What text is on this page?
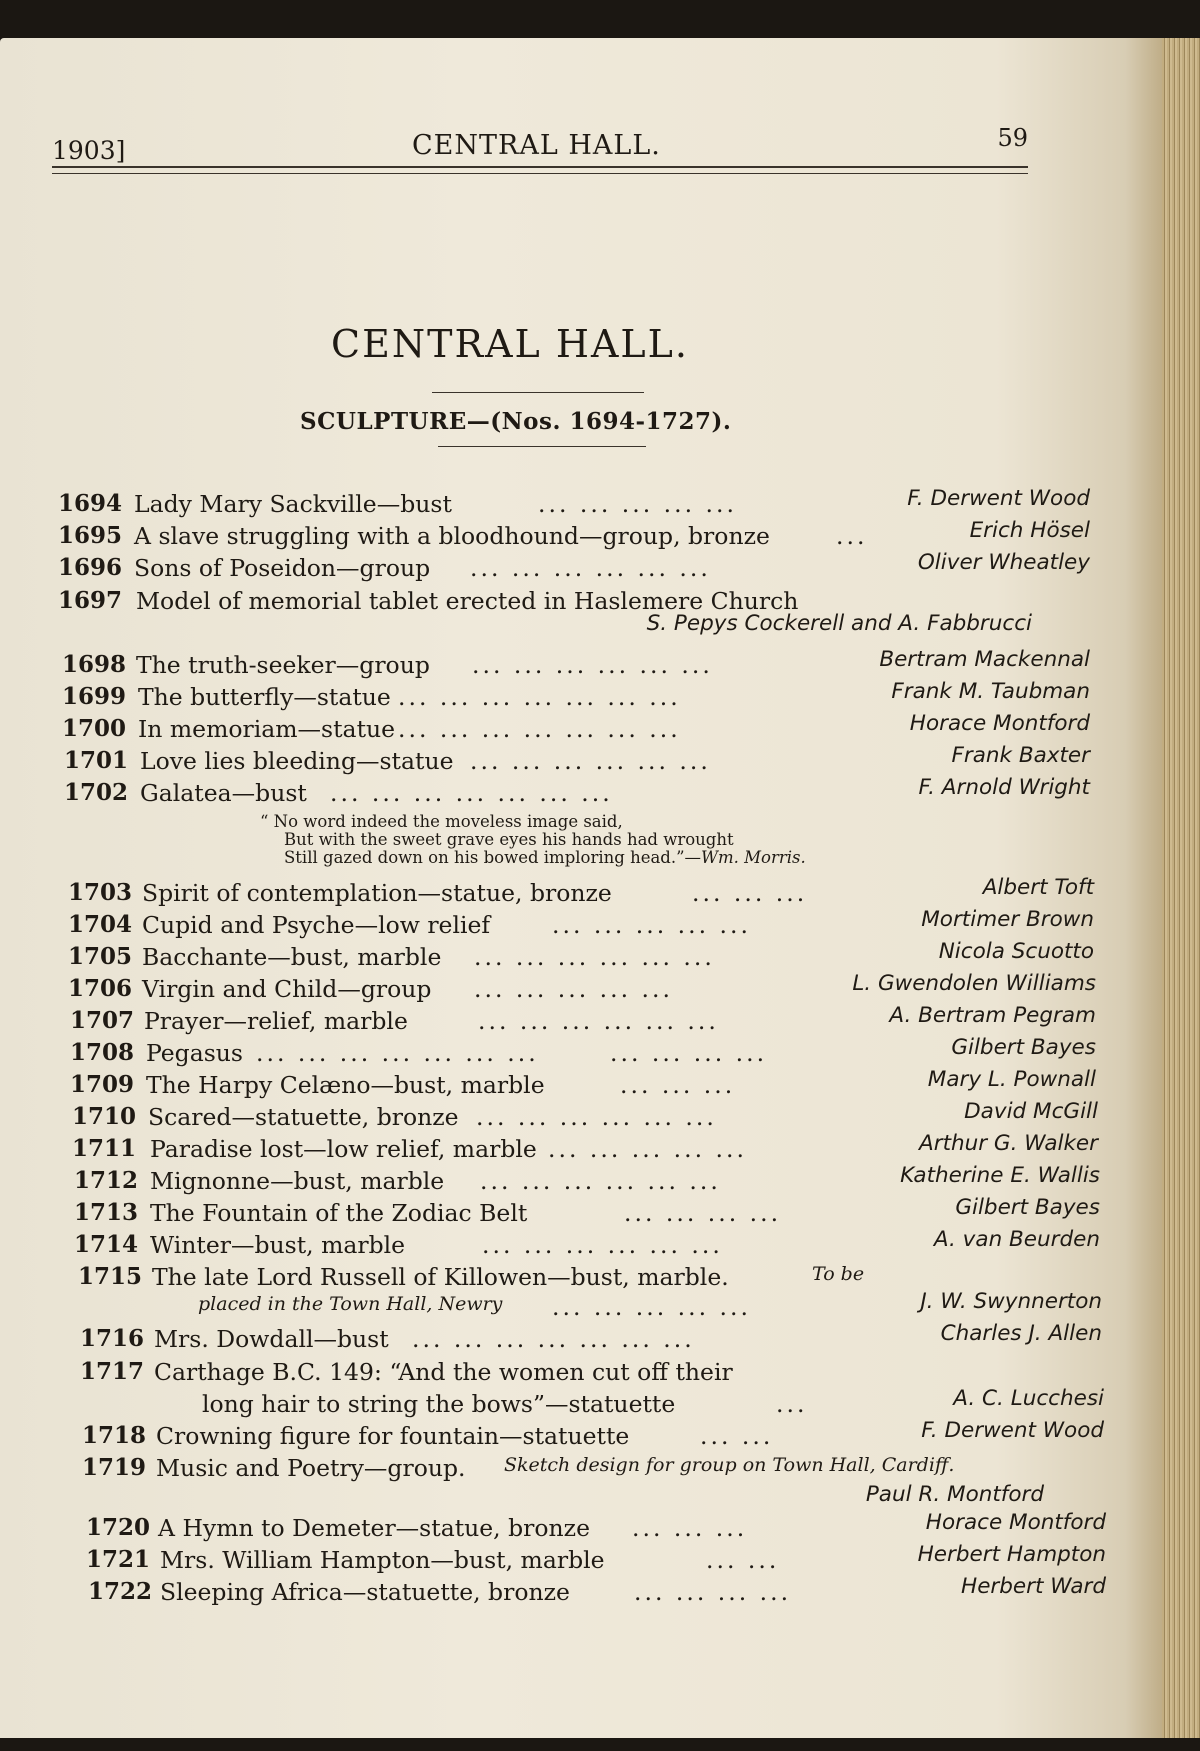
1903]	CENTRAL HALL.	59
CENTRAL HALL.
SCULPTURE—(Nos. 1694-1727).
1694 Lady Mary Sackville—bust	... ... ... ... ...	F. Derwent Wood
1695 A slave struggling with a bloodhound—group, bronze	...	Erich Hösel
1696 Sons of Poseidon—group ... ... ... ... ... ...	Oliver Wheatley
1697 Model of memorial tablet erected in Haslemere Church
S. Pepys Cockerell and A. Fabbrucci
1698 The truth-seeker—group ... ... ... ... ... ...	Bertram Mackennal
1699 The butterfly—statue ... ... ... ... ... ... ...	Frank M. Taubman
1700 In memoriam—statue ... ... ... ... ... ... ...	Horace Montford
1701 Love lies bleeding—statue ... ... ... ... ... ...	Frank Baxter
1702 Galatea—bust ... ... ... ... ... ... ...	F. Arnold Wright
“ No word indeed the moveless image said,
But with the sweet grave eyes his hands had wrought
Still gazed down on his bowed imploring head.”—Wm. Morris.
1703 Spirit of contemplation—statue, bronze	... ... ...	Albert Toft
1704 Cupid and Psyche—low relief	... ... ... ... ...	Mortimer Brown
1705 Bacchante—bust, marble ... ... ... ... ... ...	Nicola Scuotto
1706 Virgin and Child—group ... ... ... ... ...	L. Gwendolen Williams
1707 Prayer—relief, marble	... ... ... ... ... ...	A. Bertram Pegram
1708 Pegasus ... ... ... ... ... ... ...	... ... ... ...	Gilbert Bayes
1709 The Harpy Celæno—bust, marble	... ... ...	Mary L. Pownall
1710 Scared—statuette, bronze ... ... ... ... ... ...	David McGill
1711 Paradise lost—low relief, marble ... ... ... ... ...	Arthur G. Walker
1712 Mignonne—bust, marble ... ... ... ... ... ...	Katherine E. Wallis
1713 The Fountain of the Zodiac Belt	... ... ... ...	Gilbert Bayes
1714 Winter—bust, marble	... ... ... ... ... ...	A. van Beurden
1715 The late Lord Russell of Killowen—bust, marble.	To be
placed in the Town Hall, Newry ... ... ... ... ...	J. W. Swynnerton
1716 Mrs. Dowdall—bust ... ... ... ... ... ... ...	Charles J. Allen
1717 Carthage B.C. 149: “And the women cut off their
long hair to string the bows”—statuette	...	A. C. Lucchesi
1718 Crowning figure for fountain—statuette	... ...	F. Derwent Wood
1719 Music and Poetry—group. Sketch design for group on Town Hall, Cardiff.
Paul R. Montford
1720 A Hymn to Demeter—statue, bronze ... ... ...	Horace Montford
1721 Mrs. William Hampton—bust, marble	... ...	Herbert Hampton
1722 Sleeping Africa—statuette, bronze	... ... ... ...	Herbert Ward
